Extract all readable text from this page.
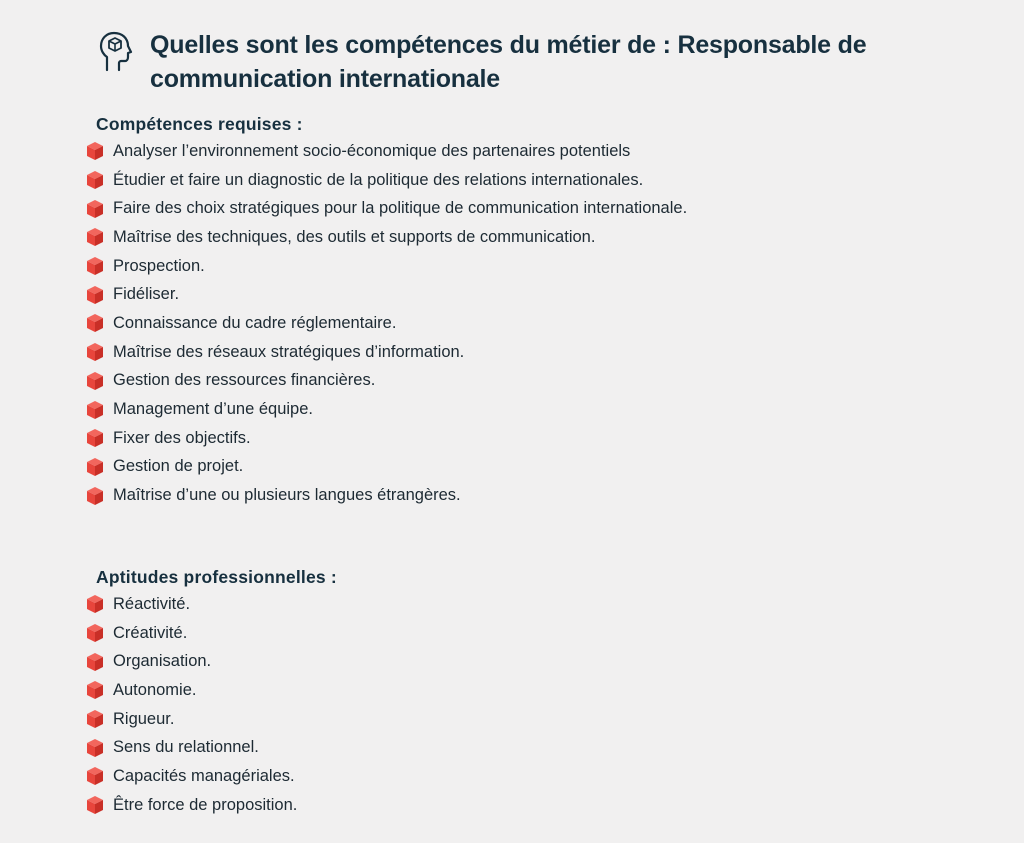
Quelles sont les compétences du métier de : Responsable de communication internationale
Compétences requises :
Analyser l’environnement socio-économique des partenaires potentiels
Étudier et faire un diagnostic de la politique des relations internationales.
Faire des choix stratégiques pour la politique de communication internationale.
Maîtrise des techniques, des outils et supports de communication.
Prospection.
Fidéliser.
Connaissance du cadre réglementaire.
Maîtrise des réseaux stratégiques d’information.
Gestion des ressources financières.
Management d’une équipe.
Fixer des objectifs.
Gestion de projet.
Maîtrise d’une ou plusieurs langues étrangères.
Aptitudes professionnelles :
Réactivité.
Créativité.
Organisation.
Autonomie.
Rigueur.
Sens du relationnel.
Capacités managériales.
Être force de proposition.
